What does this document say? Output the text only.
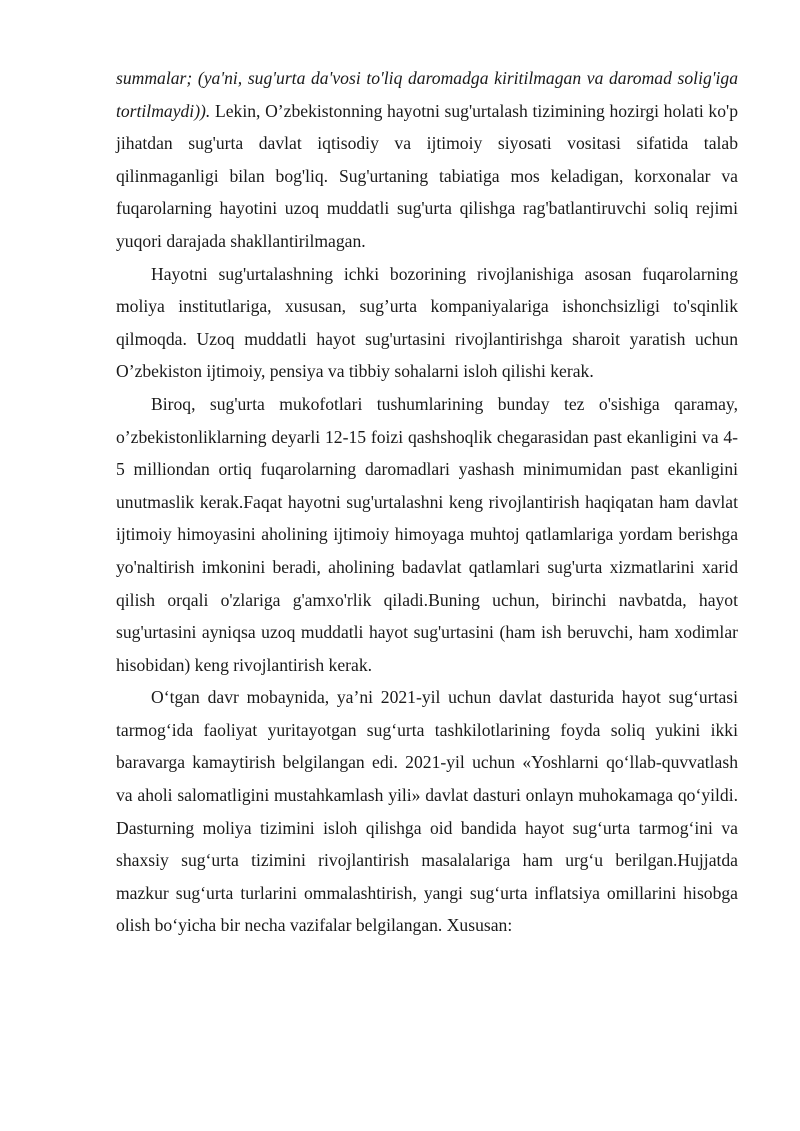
summalar; (ya'ni, sug'urta da'vosi to'liq daromadga kiritilmagan va daromad solig'iga tortilmaydi)). Lekin, O’zbekistonning hayotni sug'urtalash tizimining hozirgi holati ko'p jihatdan sug'urta davlat iqtisodiy va ijtimoiy siyosati vositasi sifatida talab qilinmaganligi bilan bog'liq. Sug'urtaning tabiatiga mos keladigan, korxonalar va fuqarolarning hayotini uzoq muddatli sug'urta qilishga rag'batlantiruvchi soliq rejimi yuqori darajada shakllantirilmagan.

Hayotni sug'urtalashning ichki bozorining rivojlanishiga asosan fuqarolarning moliya institutlariga, xususan, sug’urta kompaniyalariga ishonchsizligi to'sqinlik qilmoqda. Uzoq muddatli hayot sug'urtasini rivojlantirishga sharoit yaratish uchun O’zbekiston ijtimoiy, pensiya va tibbiy sohalarni isloh qilishi kerak.

Biroq, sug'urta mukofotlari tushumlarining bunday tez o'sishiga qaramay, o’zbekistonliklarning deyarli 12-15 foizi qashshoqlik chegarasidan past ekanligini va 4-5 milliondan ortiq fuqarolarning daromadlari yashash minimumidan past ekanligini unutmaslik kerak.Faqat hayotni sug'urtalashni keng rivojlantirish haqiqatan ham davlat ijtimoiy himoyasini aholining ijtimoiy himoyaga muhtoj qatlamlariga yordam berishga yo'naltirish imkonini beradi, aholining badavlat qatlamlari sug'urta xizmatlarini xarid qilish orqali o'zlariga g'amxo'rlik qiladi.Buning uchun, birinchi navbatda, hayot sug'urtasini ayniqsa uzoq muddatli hayot sug'urtasini (ham ish beruvchi, ham xodimlar hisobidan) keng rivojlantirish kerak.

O‘tgan davr mobaynida, ya’ni 2021-yil uchun davlat dasturida hayot sug‘urtasi tarmog‘ida faoliyat yuritayotgan sug‘urta tashkilotlarining foyda soliq yukini ikki baravarga kamaytirish belgilangan edi. 2021-yil uchun «Yoshlarni qo‘llab-quvvatlash va aholi salomatligini mustahkamlash yili» davlat dasturi onlayn muhokamaga qo‘yildi. Dasturning moliya tizimini isloh qilishga oid bandida hayot sug‘urta tarmog‘ini va shaxsiy sug‘urta tizimini rivojlantirish masalalariga ham urg‘u berilgan.Hujjatda mazkur sug‘urta turlarini ommalashtirish, yangi sug‘urta inflatsiya omillarini hisobga olish bo‘yicha bir necha vazifalar belgilangan. Xususan:
